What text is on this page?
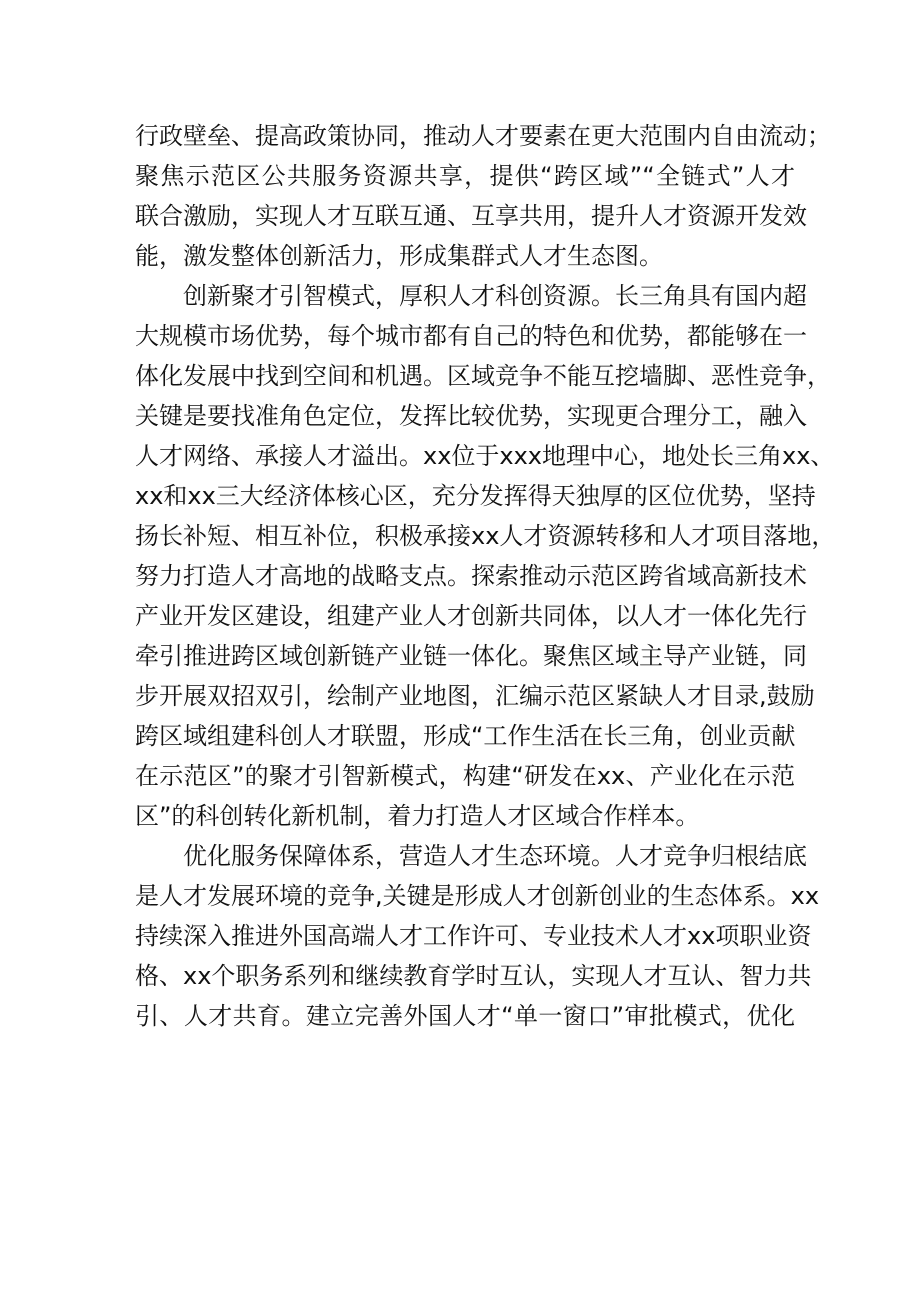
行政壁垒、提高政策协同，推动人才要素在更大范围内自由流动；
聚焦示范区公共服务资源共享，提供“跨区域”“全链式”人才
联合激励，实现人才互联互通、互享共用，提升人才资源开发效
能，激发整体创新活力，形成集群式人才生态图。
创新聚才引智模式，厚积人才科创资源。长三角具有国内超
大规模市场优势，每个城市都有自己的特色和优势，都能够在一
体化发展中找到空间和机遇。区域竞争不能互挖墙脚、恶性竞争，
关键是要找准角色定位，发挥比较优势，实现更合理分工，融入
人才网络、承接人才溢出。xx位于xxx地理中心，地处长三角xx、
xx和xx三大经济体核心区，充分发挥得天独厚的区位优势，坚持
扬长补短、相互补位，积极承接xx人才资源转移和人才项目落地，
努力打造人才高地的战略支点。探索推动示范区跨省域高新技术
产业开发区建设，组建产业人才创新共同体，以人才一体化先行
牵引推进跨区域创新链产业链一体化。聚焦区域主导产业链，同
步开展双招双引，绘制产业地图，汇编示范区紧缺人才目录,鼓励
跨区域组建科创人才联盟，形成“工作生活在长三角，创业贡献
在示范区”的聚才引智新模式，构建“研发在xx、产业化在示范
区”的科创转化新机制，着力打造人才区域合作样本。
优化服务保障体系，营造人才生态环境。人才竞争归根结底
是人才发展环境的竞争,关键是形成人才创新创业的生态体系。xx
持续深入推进外国高端人才工作许可、专业技术人才xx项职业资
格、xx个职务系列和继续教育学时互认，实现人才互认、智力共
引、人才共育。建立完善外国人才“单一窗口”审批模式，优化
